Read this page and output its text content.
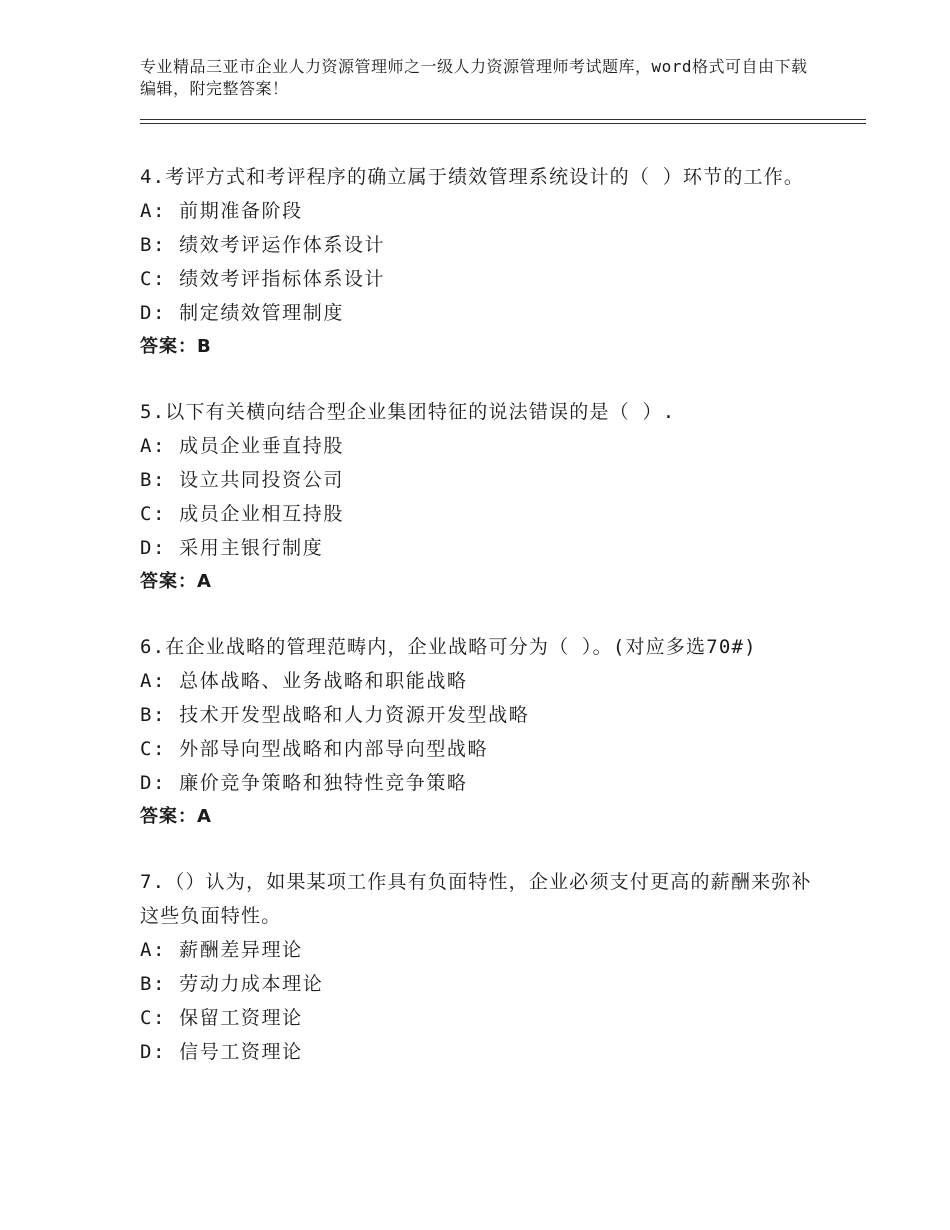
专业精品三亚市企业人力资源管理师之一级人力资源管理师考试题库，word格式可自由下载编辑，附完整答案！

4.考评方式和考评程序的确立属于绩效管理系统设计的（ ）环节的工作。

A: 前期准备阶段

B: 绩效考评运作体系设计

C: 绩效考评指标体系设计

D: 制定绩效管理制度

答案：B

5.以下有关横向结合型企业集团特征的说法错误的是（ ）.

A: 成员企业垂直持股

B: 设立共同投资公司

C: 成员企业相互持股

D: 采用主银行制度

答案：A

6.在企业战略的管理范畴内，企业战略可分为（ ）。(对应多选70#)

A: 总体战略、业务战略和职能战略

B: 技术开发型战略和人力资源开发型战略

C: 外部导向型战略和内部导向型战略

D: 廉价竞争策略和独特性竞争策略

答案：A

7.（）认为，如果某项工作具有负面特性，企业必须支付更高的薪酬来弥补这些负面特性。

A: 薪酬差异理论

B: 劳动力成本理论

C: 保留工资理论

D: 信号工资理论
